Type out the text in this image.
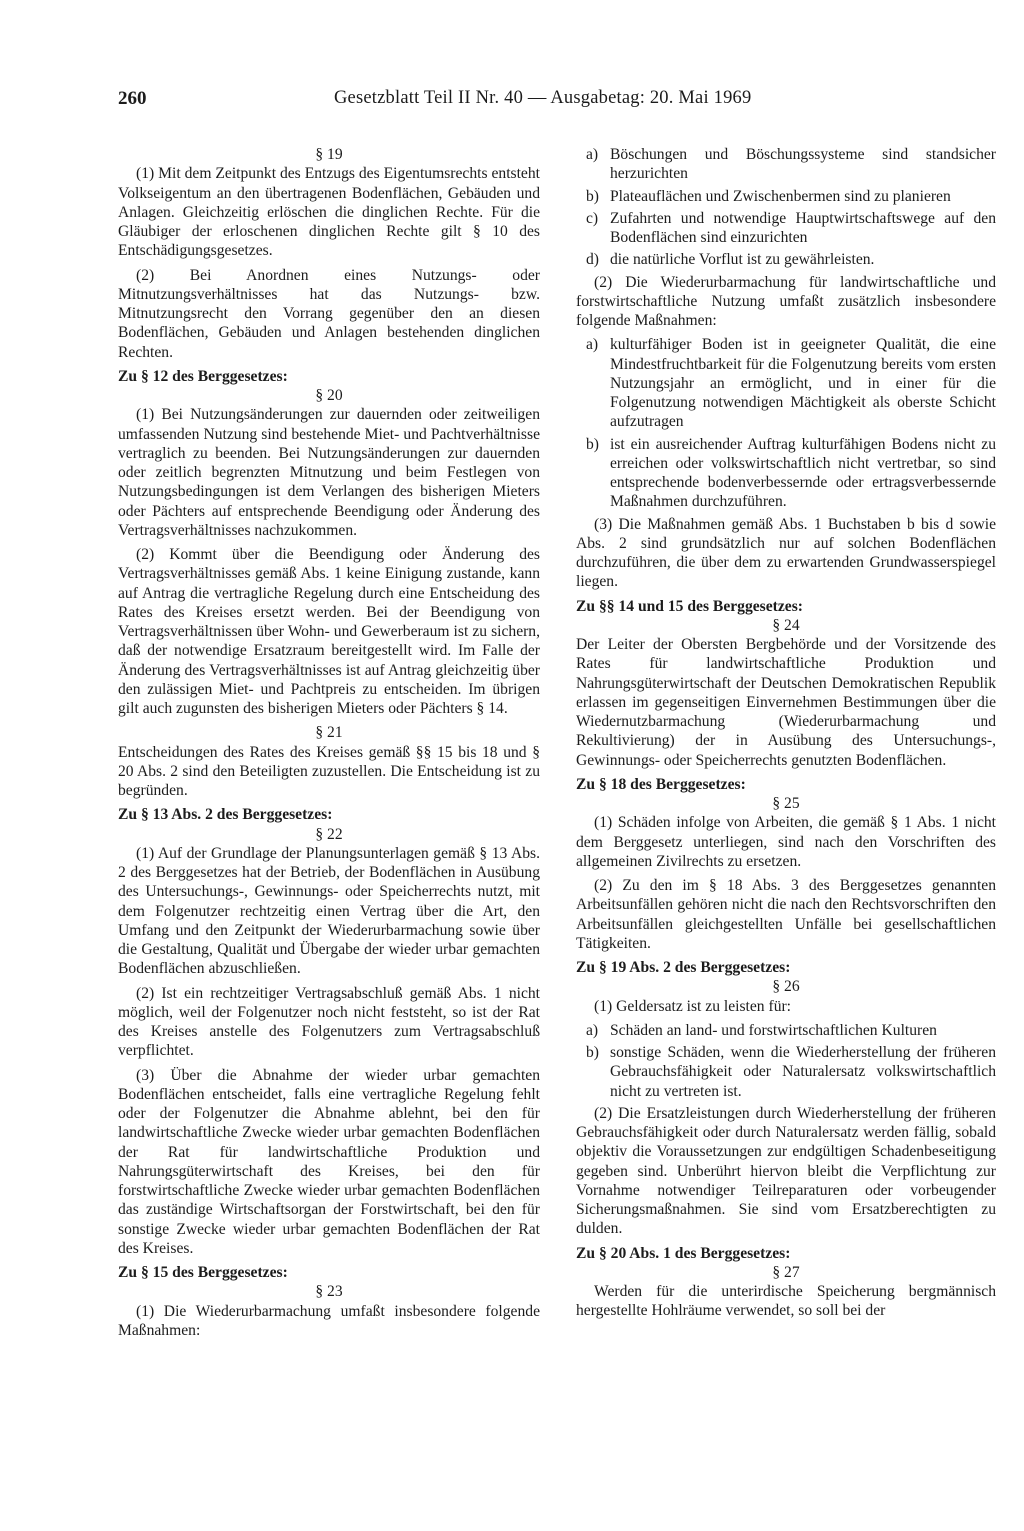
260	Gesetzblatt Teil II Nr. 40 — Ausgabetag: 20. Mai 1969

§ 19

(1) Mit dem Zeitpunkt des Entzugs des Eigentumsrechts entsteht Volkseigentum an den übertragenen Bodenflächen, Gebäuden und Anlagen. Gleichzeitig erlöschen die dinglichen Rechte. Für die Gläubiger der erloschenen dinglichen Rechte gilt § 10 des Entschädigungsgesetzes.

(2) Bei Anordnen eines Nutzungs- oder Mitnutzungsverhältnisses hat das Nutzungs- bzw. Mitnutzungsrecht den Vorrang gegenüber den an diesen Bodenflächen, Gebäuden und Anlagen bestehenden dinglichen Rechten.

Zu § 12 des Berggesetzes:

§ 20

(1) Bei Nutzungsänderungen zur dauernden oder zeitweiligen umfassenden Nutzung sind bestehende Miet- und Pachtverhältnisse vertraglich zu beenden. Bei Nutzungsänderungen zur dauernden oder zeitlich begrenzten Mitnutzung und beim Festlegen von Nutzungsbedingungen ist dem Verlangen des bisherigen Mieters oder Pächters auf entsprechende Beendigung oder Änderung des Vertragsverhältnisses nachzukommen.

(2) Kommt über die Beendigung oder Änderung des Vertragsverhältnisses gemäß Abs. 1 keine Einigung zustande, kann auf Antrag die vertragliche Regelung durch eine Entscheidung des Rates des Kreises ersetzt werden. Bei der Beendigung von Vertragsverhältnissen über Wohn- und Gewerberaum ist zu sichern, daß der notwendige Ersatzraum bereitgestellt wird. Im Falle der Änderung des Vertragsverhältnisses ist auf Antrag gleichzeitig über den zulässigen Miet- und Pachtpreis zu entscheiden. Im übrigen gilt auch zugunsten des bisherigen Mieters oder Pächters § 14.

§ 21

Entscheidungen des Rates des Kreises gemäß §§ 15 bis 18 und § 20 Abs. 2 sind den Beteiligten zuzustellen. Die Entscheidung ist zu begründen.

Zu § 13 Abs. 2 des Berggesetzes:

§ 22

(1) Auf der Grundlage der Planungsunterlagen gemäß § 13 Abs. 2 des Berggesetzes hat der Betrieb, der Bodenflächen in Ausübung des Untersuchungs-, Gewinnungs- oder Speicherrechts nutzt, mit dem Folgenutzer rechtzeitig einen Vertrag über die Art, den Umfang und den Zeitpunkt der Wiederurbarmachung sowie über die Gestaltung, Qualität und Übergabe der wieder urbar gemachten Bodenflächen abzuschließen.

(2) Ist ein rechtzeitiger Vertragsabschluß gemäß Abs. 1 nicht möglich, weil der Folgenutzer noch nicht feststeht, so ist der Rat des Kreises anstelle des Folgenutzers zum Vertragsabschluß verpflichtet.

(3) Über die Abnahme der wieder urbar gemachten Bodenflächen entscheidet, falls eine vertragliche Regelung fehlt oder der Folgenutzer die Abnahme ablehnt, bei den für landwirtschaftliche Zwecke wieder urbar gemachten Bodenflächen der Rat für landwirtschaftliche Produktion und Nahrungsgüterwirtschaft des Kreises, bei den für forstwirtschaftliche Zwecke wieder urbar gemachten Bodenflächen das zuständige Wirtschaftsorgan der Forstwirtschaft, bei den für sonstige Zwecke wieder urbar gemachten Bodenflächen der Rat des Kreises.

Zu § 15 des Berggesetzes:

§ 23

(1) Die Wiederurbarmachung umfaßt insbesondere folgende Maßnahmen:

a) Böschungen und Böschungssysteme sind standsicher herzurichten
b) Plateauflächen und Zwischenbermen sind zu planieren
c) Zufahrten und notwendige Hauptwirtschaftswege auf den Bodenflächen sind einzurichten
d) die natürliche Vorflut ist zu gewährleisten.

(2) Die Wiederurbarmachung für landwirtschaftliche und forstwirtschaftliche Nutzung umfaßt zusätzlich insbesondere folgende Maßnahmen:

a) kulturfähiger Boden ist in geeigneter Qualität, die eine Mindestfruchtbarkeit für die Folgenutzung bereits vom ersten Nutzungsjahr an ermöglicht, und in einer für die Folgenutzung notwendigen Mächtigkeit als oberste Schicht aufzutragen
b) ist ein ausreichender Auftrag kulturfähigen Bodens nicht zu erreichen oder volkswirtschaftlich nicht vertretbar, so sind entsprechende bodenverbessernde oder ertragsverbessernde Maßnahmen durchzuführen.

(3) Die Maßnahmen gemäß Abs. 1 Buchstaben b bis d sowie Abs. 2 sind grundsätzlich nur auf solchen Bodenflächen durchzuführen, die über dem zu erwartenden Grundwasserspiegel liegen.

Zu §§ 14 und 15 des Berggesetzes:

§ 24

Der Leiter der Obersten Bergbehörde und der Vorsitzende des Rates für landwirtschaftliche Produktion und Nahrungsgüterwirtschaft der Deutschen Demokratischen Republik erlassen im gegenseitigen Einvernehmen Bestimmungen über die Wiedernutzbarmachung (Wiederurbarmachung und Rekultivierung) der in Ausübung des Untersuchungs-, Gewinnungs- oder Speicherrechts genutzten Bodenflächen.

Zu § 18 des Berggesetzes:

§ 25

(1) Schäden infolge von Arbeiten, die gemäß § 1 Abs. 1 nicht dem Berggesetz unterliegen, sind nach den Vorschriften des allgemeinen Zivilrechts zu ersetzen.

(2) Zu den im § 18 Abs. 3 des Berggesetzes genannten Arbeitsunfällen gehören nicht die nach den Rechtsvorschriften den Arbeitsunfällen gleichgestellten Unfälle bei gesellschaftlichen Tätigkeiten.

Zu § 19 Abs. 2 des Berggesetzes:

§ 26

(1) Geldersatz ist zu leisten für:

a) Schäden an land- und forstwirtschaftlichen Kulturen
b) sonstige Schäden, wenn die Wiederherstellung der früheren Gebrauchsfähigkeit oder Naturalersatz volkswirtschaftlich nicht zu vertreten ist.

(2) Die Ersatzleistungen durch Wiederherstellung der früheren Gebrauchsfähigkeit oder durch Naturalersatz werden fällig, sobald objektiv die Voraussetzungen zur endgültigen Schadenbeseitigung gegeben sind. Unberührt hiervon bleibt die Verpflichtung zur Vornahme notwendiger Teilreparaturen oder vorbeugender Sicherungsmaßnahmen. Sie sind vom Ersatzberechtigten zu dulden.

Zu § 20 Abs. 1 des Berggesetzes:

§ 27

Werden für die unterirdische Speicherung bergmännisch hergestellte Hohlräume verwendet, so soll bei der
